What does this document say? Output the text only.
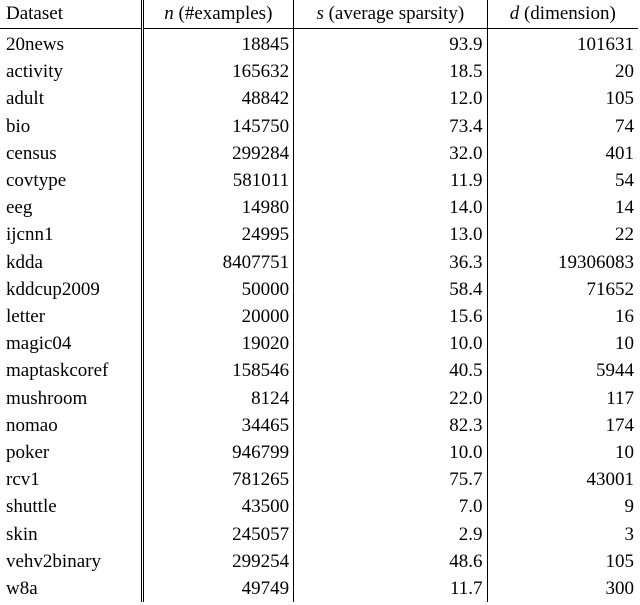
Dataset	n (#examples)	s (average sparsity)	d (dimension)
20news	18845	93.9	101631
activity	165632	18.5	20
adult	48842	12.0	105
bio	145750	73.4	74
census	299284	32.0	401
covtype	581011	11.9	54
eeg	14980	14.0	14
ijcnn1	24995	13.0	22
kdda	8407751	36.3	19306083
kddcup2009	50000	58.4	71652
letter	20000	15.6	16
magic04	19020	10.0	10
maptaskcoref	158546	40.5	5944
mushroom	8124	22.0	117
nomao	34465	82.3	174
poker	946799	10.0	10
rcv1	781265	75.7	43001
shuttle	43500	7.0	9
skin	245057	2.9	3
vehv2binary	299254	48.6	105
w8a	49749	11.7	300
